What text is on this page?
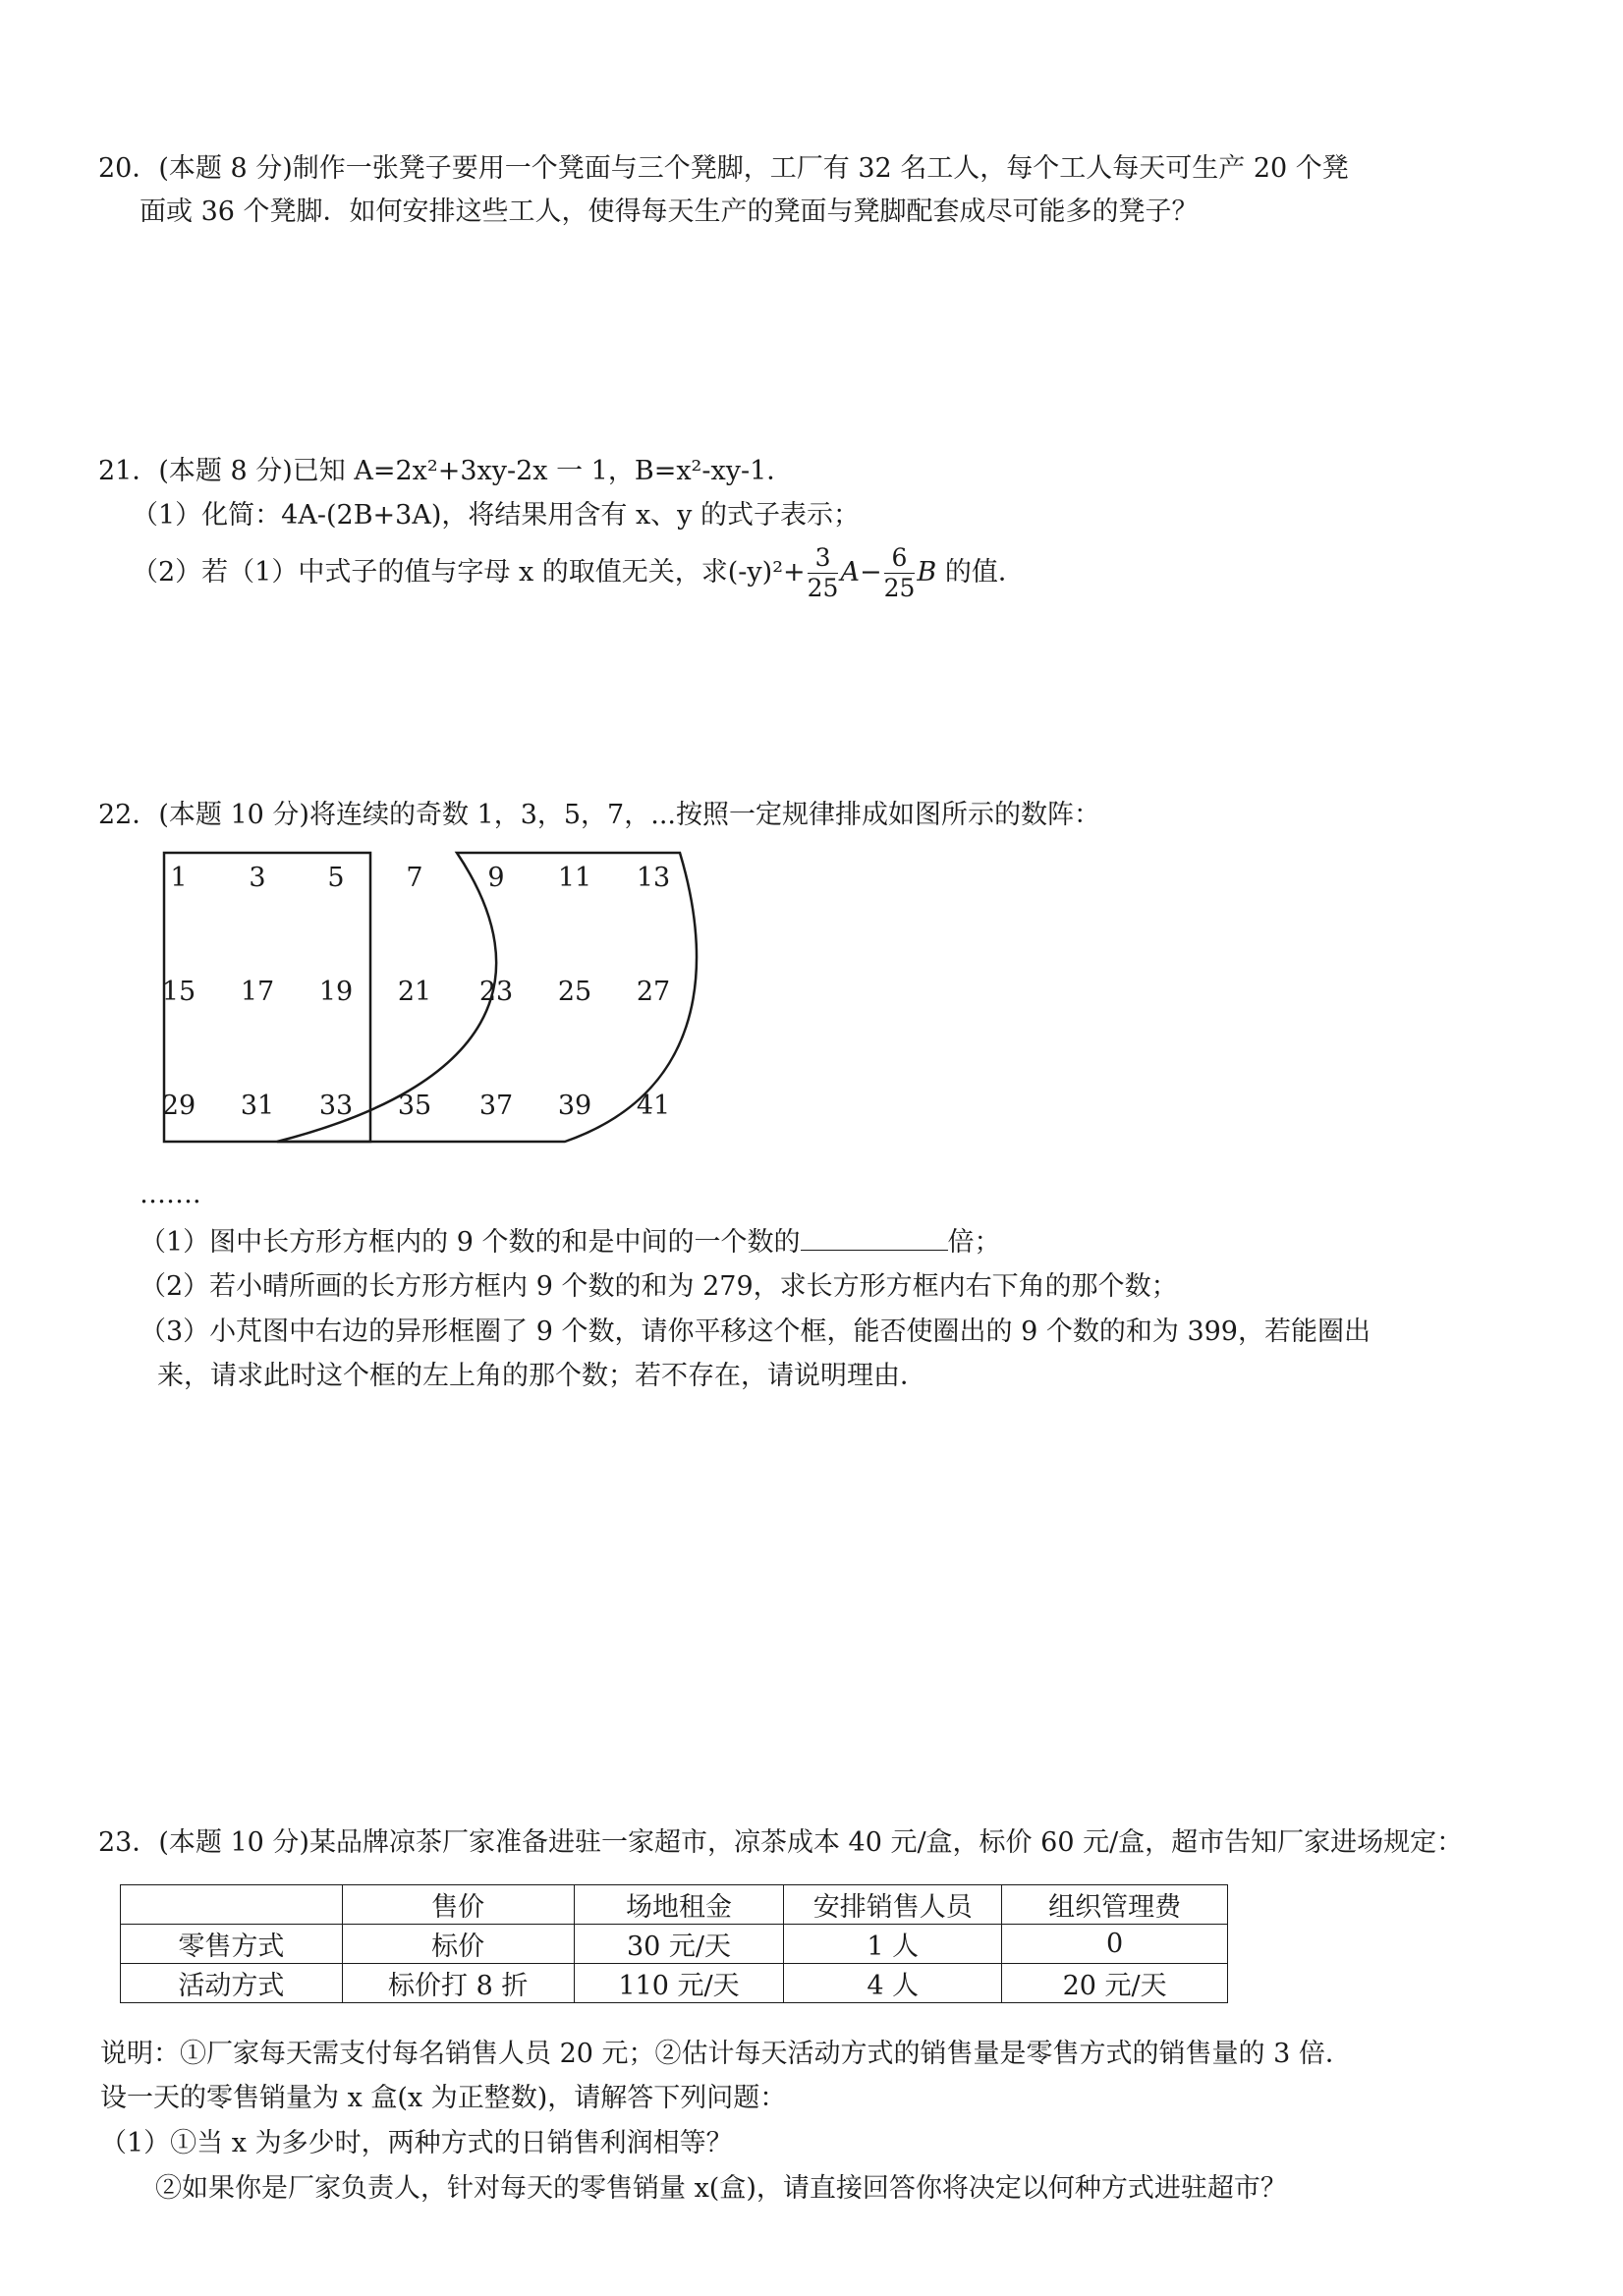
20．(本题 8 分)制作一张凳子要用一个凳面与三个凳脚，工厂有 32 名工人，每个工人每天可生产 20 个凳
面或 36 个凳脚．如何安排这些工人，使得每天生产的凳面与凳脚配套成尽可能多的凳子？
21．(本题 8 分)已知 A=2x²+3xy-2x 一 1，B=x²-xy-1．
（1）化简：4A-(2B+3A)，将结果用含有 x、y 的式子表示；
（2）若（1）中式子的值与字母 x 的取值无关，求$(-y)^2+ \frac{3}{25} A- \frac{6}{25}$ B 的值．
22．(本题 10 分)将连续的奇数 1，3，5，7，...按照一定规律排成如图所示的数阵：
1 3 5 7 9 11 13
15 17 19 21 23 25 27
29 31 33 35 37 39 41
…….
（1）图中长方形方框内的 9 个数的和是中间的一个数的	倍；
（2）若小晴所画的长方形方框内 9 个数的和为 279，求长方形方框内右下角的那个数；
（3）小芃图中右边的异形框圈了 9 个数，请你平移这个框，能否使圈出的 9 个数的和为 399，若能圈出
来，请求此时这个框的左上角的那个数；若不存在，请说明理由．
23．(本题 10 分)某品牌凉茶厂家准备进驻一家超市，凉茶成本 40 元/盒，标价 60 元/盒，超市告知厂家进场规定：
	售价	场地租金	安排销售人员	组织管理费
零售方式	标价	30 元/天	1 人	0
活动方式	标价打 8 折	110 元/天	4 人	20 元/天
说明：①厂家每天需支付每名销售人员 20 元；②估计每天活动方式的销售量是零售方式的销售量的 3 倍．
设一天的零售销量为 x 盒(x 为正整数)，请解答下列问题：
（1）①当 x 为多少时，两种方式的日销售利润相等？
②如果你是厂家负责人，针对每天的零售销量 x(盒)，请直接回答你将决定以何种方式进驻超市？
